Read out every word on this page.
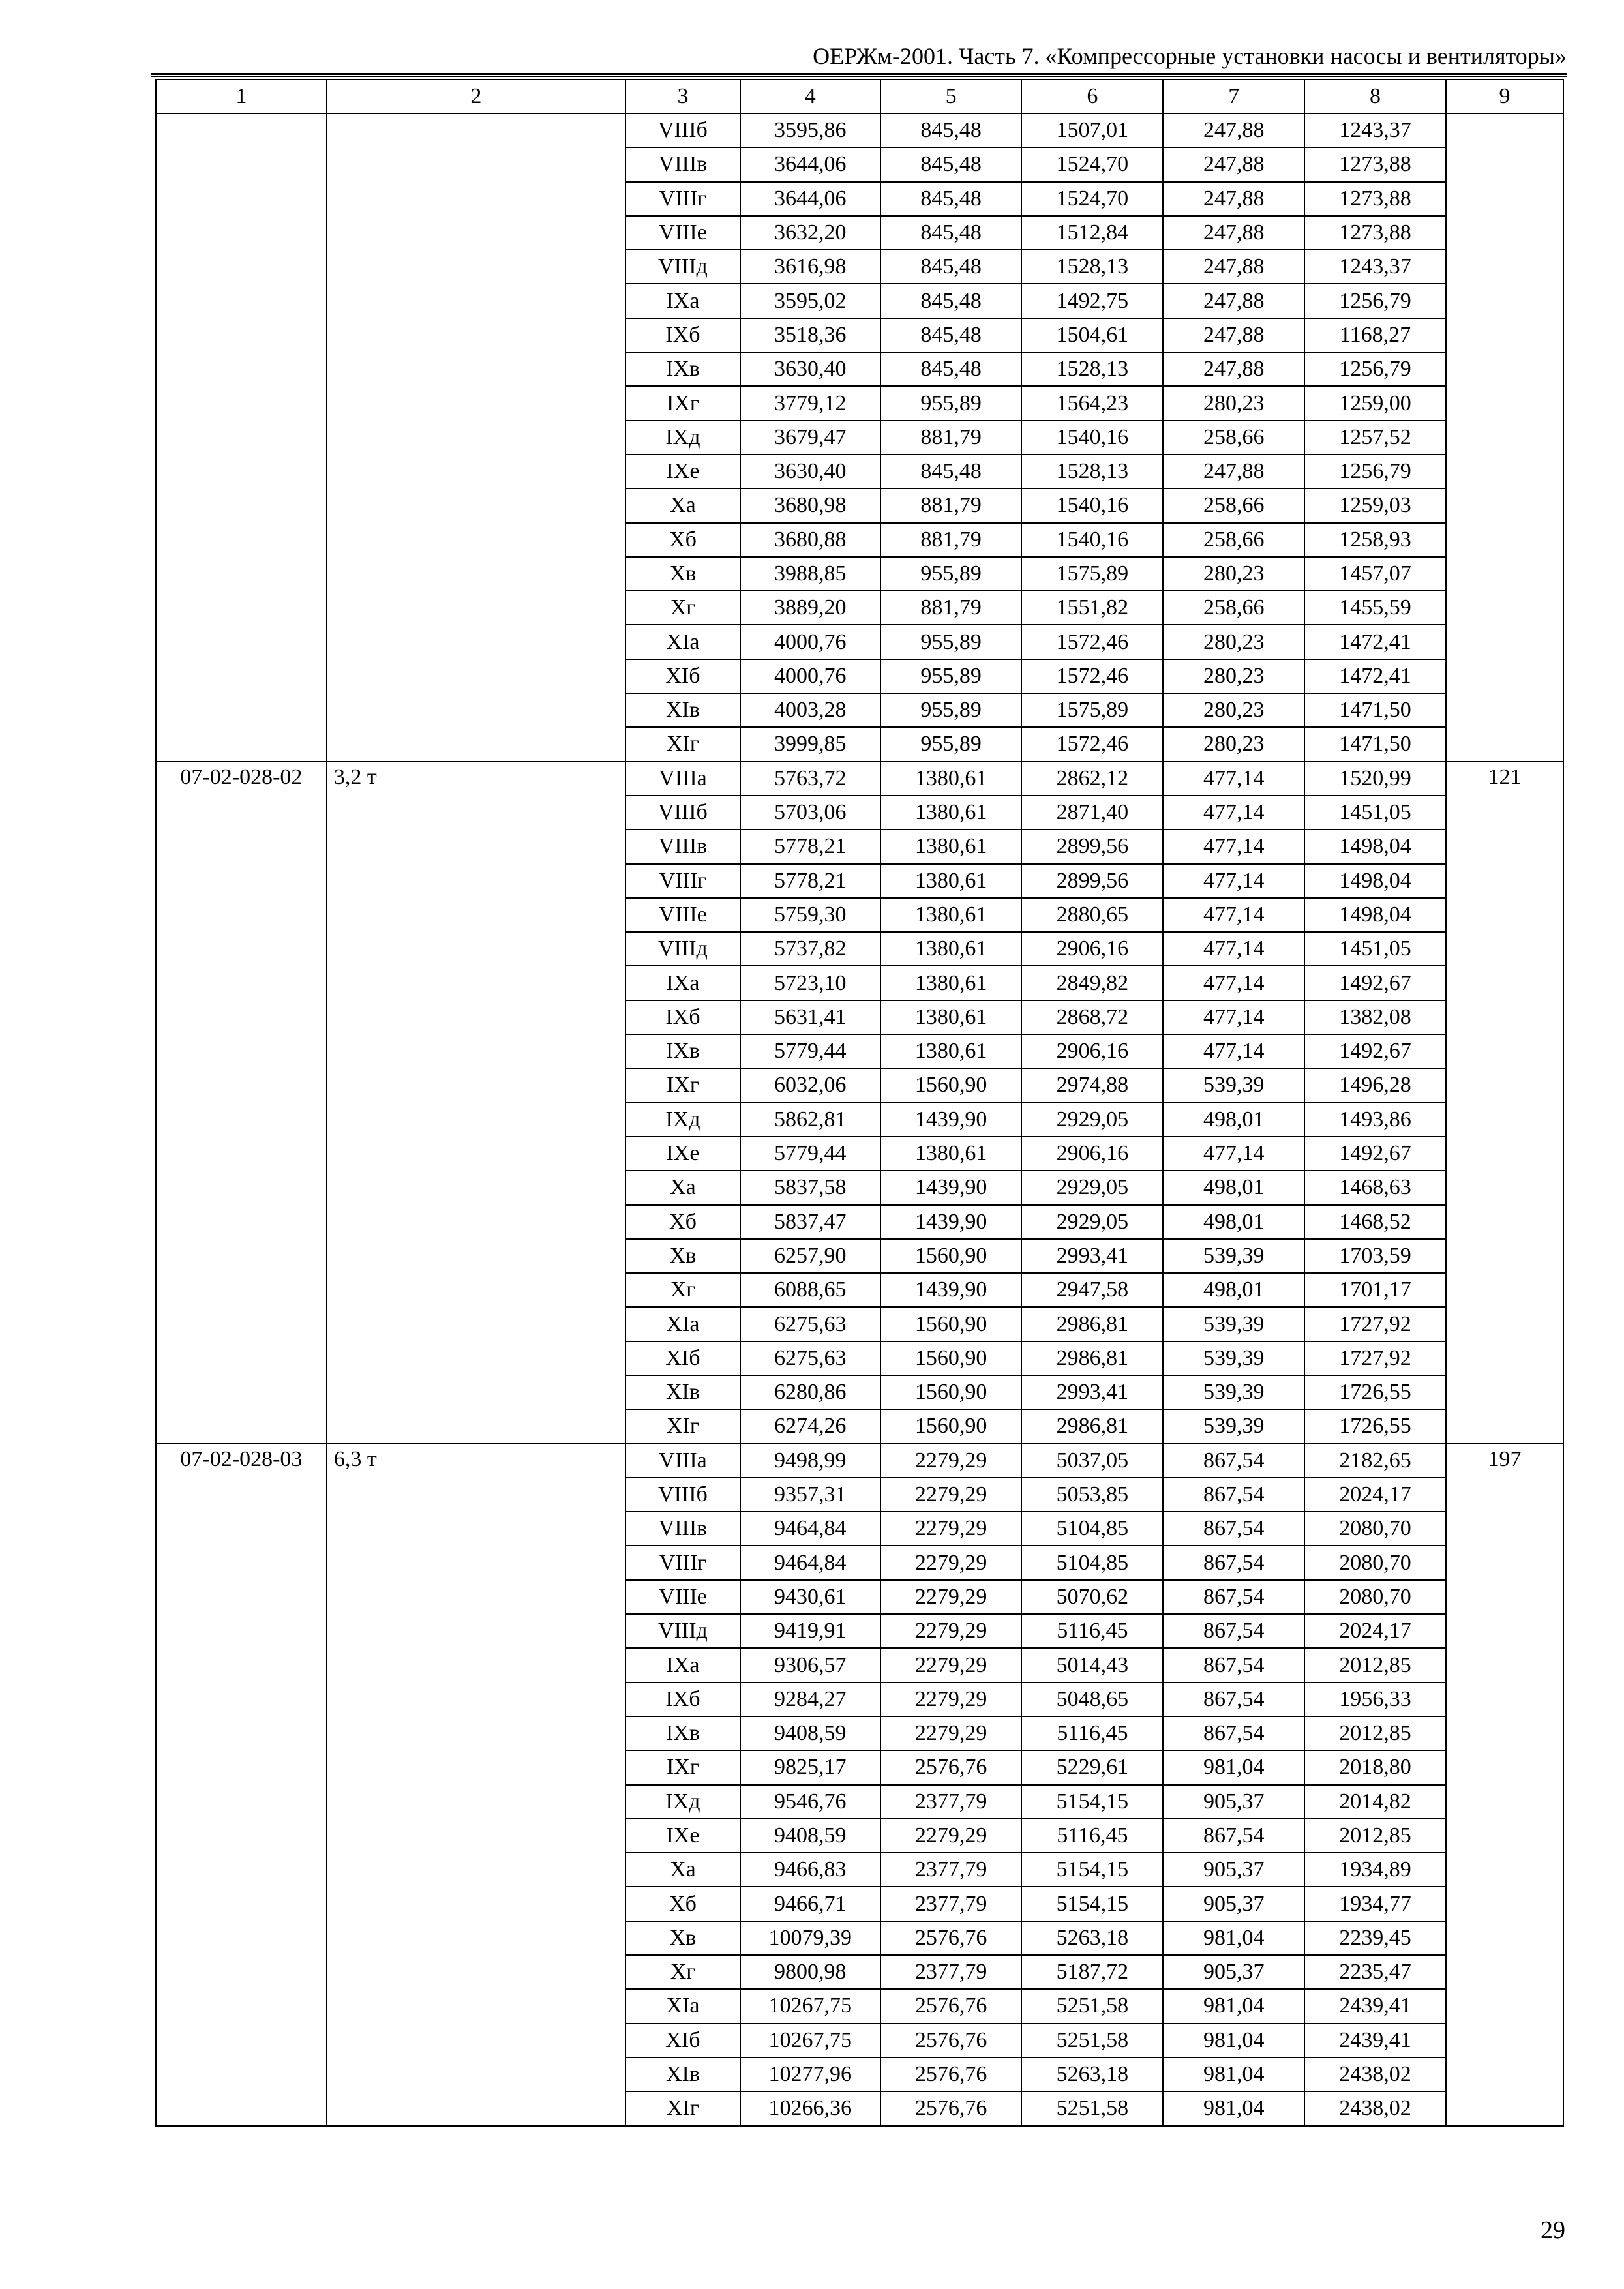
ОЕРЖм-2001. Часть 7. «Компрессорные установки насосы и вентиляторы»
1	2	3	4	5	6	7	8	9
		VIIIб	3595,86	845,48	1507,01	247,88	1243,37	
		VIIIв	3644,06	845,48	1524,70	247,88	1273,88	
		VIIIг	3644,06	845,48	1524,70	247,88	1273,88	
		VIIIе	3632,20	845,48	1512,84	247,88	1273,88	
		VIIIд	3616,98	845,48	1528,13	247,88	1243,37	
		IXа	3595,02	845,48	1492,75	247,88	1256,79	
		IXб	3518,36	845,48	1504,61	247,88	1168,27	
		IXв	3630,40	845,48	1528,13	247,88	1256,79	
		IXг	3779,12	955,89	1564,23	280,23	1259,00	
		IXд	3679,47	881,79	1540,16	258,66	1257,52	
		IXе	3630,40	845,48	1528,13	247,88	1256,79	
		Xа	3680,98	881,79	1540,16	258,66	1259,03	
		Xб	3680,88	881,79	1540,16	258,66	1258,93	
		Xв	3988,85	955,89	1575,89	280,23	1457,07	
		Xг	3889,20	881,79	1551,82	258,66	1455,59	
		XIа	4000,76	955,89	1572,46	280,23	1472,41	
		XIб	4000,76	955,89	1572,46	280,23	1472,41	
		XIв	4003,28	955,89	1575,89	280,23	1471,50	
		XIг	3999,85	955,89	1572,46	280,23	1471,50	
07-02-028-02	3,2 т	VIIIа	5763,72	1380,61	2862,12	477,14	1520,99	121
		VIIIб	5703,06	1380,61	2871,40	477,14	1451,05	
		VIIIв	5778,21	1380,61	2899,56	477,14	1498,04	
		VIIIг	5778,21	1380,61	2899,56	477,14	1498,04	
		VIIIе	5759,30	1380,61	2880,65	477,14	1498,04	
		VIIIд	5737,82	1380,61	2906,16	477,14	1451,05	
		IXа	5723,10	1380,61	2849,82	477,14	1492,67	
		IXб	5631,41	1380,61	2868,72	477,14	1382,08	
		IXв	5779,44	1380,61	2906,16	477,14	1492,67	
		IXг	6032,06	1560,90	2974,88	539,39	1496,28	
		IXд	5862,81	1439,90	2929,05	498,01	1493,86	
		IXе	5779,44	1380,61	2906,16	477,14	1492,67	
		Xа	5837,58	1439,90	2929,05	498,01	1468,63	
		Xб	5837,47	1439,90	2929,05	498,01	1468,52	
		Xв	6257,90	1560,90	2993,41	539,39	1703,59	
		Xг	6088,65	1439,90	2947,58	498,01	1701,17	
		XIа	6275,63	1560,90	2986,81	539,39	1727,92	
		XIб	6275,63	1560,90	2986,81	539,39	1727,92	
		XIв	6280,86	1560,90	2993,41	539,39	1726,55	
		XIг	6274,26	1560,90	2986,81	539,39	1726,55	
07-02-028-03	6,3 т	VIIIа	9498,99	2279,29	5037,05	867,54	2182,65	197
		VIIIб	9357,31	2279,29	5053,85	867,54	2024,17	
		VIIIв	9464,84	2279,29	5104,85	867,54	2080,70	
		VIIIг	9464,84	2279,29	5104,85	867,54	2080,70	
		VIIIе	9430,61	2279,29	5070,62	867,54	2080,70	
		VIIIд	9419,91	2279,29	5116,45	867,54	2024,17	
		IXа	9306,57	2279,29	5014,43	867,54	2012,85	
		IXб	9284,27	2279,29	5048,65	867,54	1956,33	
		IXв	9408,59	2279,29	5116,45	867,54	2012,85	
		IXг	9825,17	2576,76	5229,61	981,04	2018,80	
		IXд	9546,76	2377,79	5154,15	905,37	2014,82	
		IXе	9408,59	2279,29	5116,45	867,54	2012,85	
		Xа	9466,83	2377,79	5154,15	905,37	1934,89	
		Xб	9466,71	2377,79	5154,15	905,37	1934,77	
		Xв	10079,39	2576,76	5263,18	981,04	2239,45	
		Xг	9800,98	2377,79	5187,72	905,37	2235,47	
		XIа	10267,75	2576,76	5251,58	981,04	2439,41	
		XIб	10267,75	2576,76	5251,58	981,04	2439,41	
		XIв	10277,96	2576,76	5263,18	981,04	2438,02	
		XIг	10266,36	2576,76	5251,58	981,04	2438,02	
29
